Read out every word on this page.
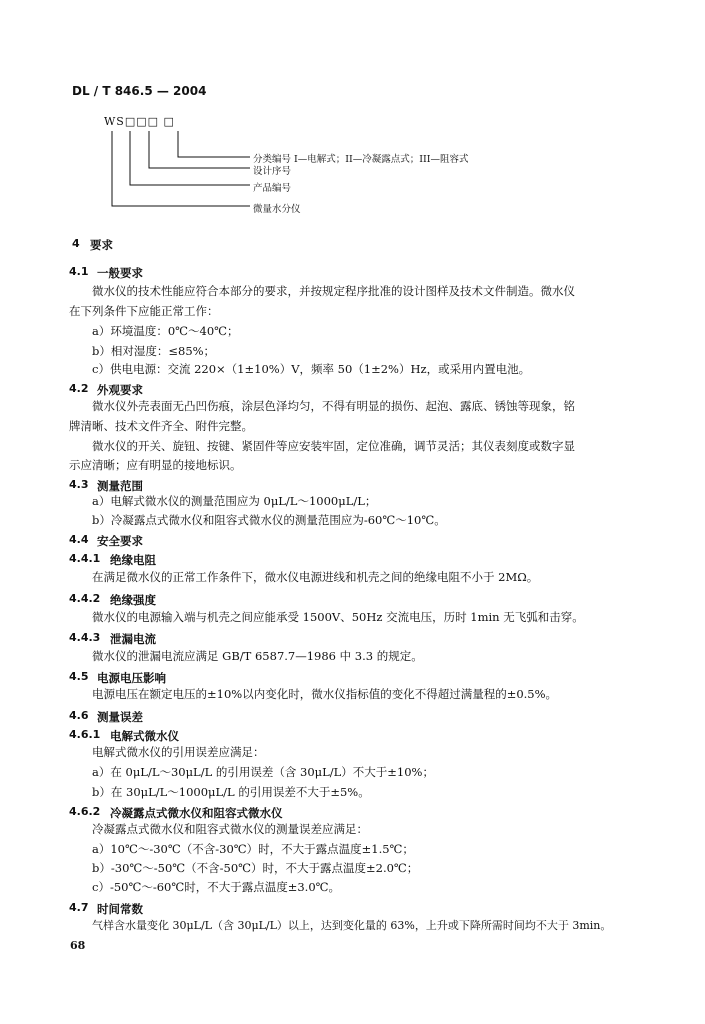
DL / T 846.5 — 2004
WS□□□ □
分类编号 I—电解式；II—冷凝露点式；III—阻容式
设计序号
产品编号
微量水分仪
4 要求
4.1 一般要求
微水仪的技术性能应符合本部分的要求，并按规定程序批准的设计图样及技术文件制造。微水仪
在下列条件下应能正常工作：
a）环境温度：0℃～40℃；
b）相对湿度：≤85%；
c）供电电源：交流 220×（1±10%）V，频率 50（1±2%）Hz，或采用内置电池。
4.2 外观要求
微水仪外壳表面无凸凹伤痕，涂层色泽均匀，不得有明显的损伤、起泡、露底、锈蚀等现象，铭
牌清晰、技术文件齐全、附件完整。
微水仪的开关、旋钮、按键、紧固件等应安装牢固，定位准确，调节灵活；其仪表刻度或数字显
示应清晰；应有明显的接地标识。
4.3 测量范围
a）电解式微水仪的测量范围应为 0μL/L～1000μL/L；
b）冷凝露点式微水仪和阻容式微水仪的测量范围应为-60℃～10℃。
4.4 安全要求
4.4.1 绝缘电阻
在满足微水仪的正常工作条件下，微水仪电源进线和机壳之间的绝缘电阻不小于 2MΩ。
4.4.2 绝缘强度
微水仪的电源输入端与机壳之间应能承受 1500V、50Hz 交流电压，历时 1min 无飞弧和击穿。
4.4.3 泄漏电流
微水仪的泄漏电流应满足 GB/T 6587.7—1986 中 3.3 的规定。
4.5 电源电压影响
电源电压在额定电压的±10%以内变化时，微水仪指标值的变化不得超过满量程的±0.5%。
4.6 测量误差
4.6.1 电解式微水仪
电解式微水仪的引用误差应满足：
a）在 0μL/L～30μL/L 的引用误差（含 30μL/L）不大于±10%；
b）在 30μL/L～1000μL/L 的引用误差不大于±5%。
4.6.2 冷凝露点式微水仪和阻容式微水仪
冷凝露点式微水仪和阻容式微水仪的测量误差应满足：
a）10℃～-30℃（不含-30℃）时，不大于露点温度±1.5℃；
b）-30℃～-50℃（不含-50℃）时，不大于露点温度±2.0℃；
c）-50℃～-60℃时，不大于露点温度±3.0℃。
4.7 时间常数
气样含水量变化 30μL/L（含 30μL/L）以上，达到变化量的 63%，上升或下降所需时间均不大于 3min。
68
